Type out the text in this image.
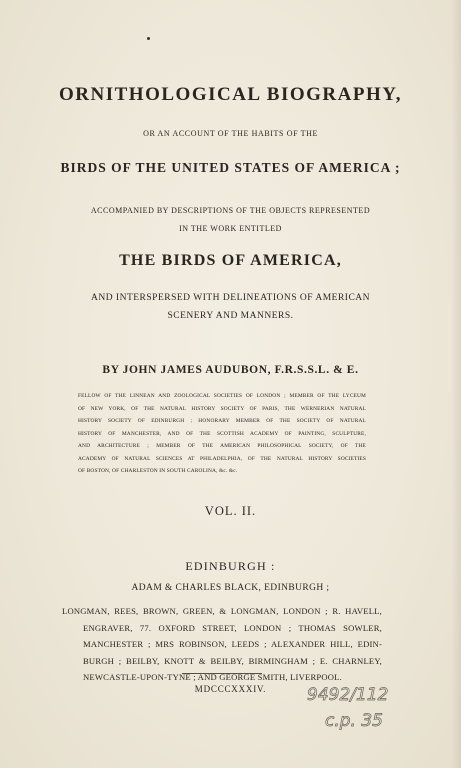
ORNITHOLOGICAL BIOGRAPHY,
OR AN ACCOUNT OF THE HABITS OF THE
BIRDS OF THE UNITED STATES OF AMERICA ;
ACCOMPANIED BY DESCRIPTIONS OF THE OBJECTS REPRESENTED
IN THE WORK ENTITLED
THE BIRDS OF AMERICA,
AND INTERSPERSED WITH DELINEATIONS OF AMERICAN
SCENERY AND MANNERS.
BY JOHN JAMES AUDUBON, F.R.S.S.L. & E.
FELLOW OF THE LINNEAN AND ZOOLOGICAL SOCIETIES OF LONDON ; MEMBER OF THE LYCEUM
OF NEW YORK, OF THE NATURAL HISTORY SOCIETY OF PARIS, THE WERNERIAN NATURAL
HISTORY SOCIETY OF EDINBURGH ; HONORARY MEMBER OF THE SOCIETY OF NATURAL
HISTORY OF MANCHESTER, AND OF THE SCOTTISH ACADEMY OF PAINTING, SCULPTURE,
AND ARCHITECTURE ; MEMBER OF THE AMERICAN PHILOSOPHICAL SOCIETY, OF THE
ACADEMY OF NATURAL SCIENCES AT PHILADELPHIA, OF THE NATURAL HISTORY SOCIETIES
OF BOSTON, OF CHARLESTON IN SOUTH CAROLINA, &c. &c.
VOL. II.
EDINBURGH :
ADAM & CHARLES BLACK, EDINBURGH ;
LONGMAN, REES, BROWN, GREEN, & LONGMAN, LONDON ; R. HAVELL,
ENGRAVER, 77. OXFORD STREET, LONDON ; THOMAS SOWLER,
MANCHESTER ; MRS ROBINSON, LEEDS ; ALEXANDER HILL, EDIN-
BURGH ; BEILBY, KNOTT & BEILBY, BIRMINGHAM ; E. CHARNLEY,
NEWCASTLE-UPON-TYNE ; AND GEORGE SMITH, LIVERPOOL.
MDCCCXXXIV.	9492/112
c.p. 35
